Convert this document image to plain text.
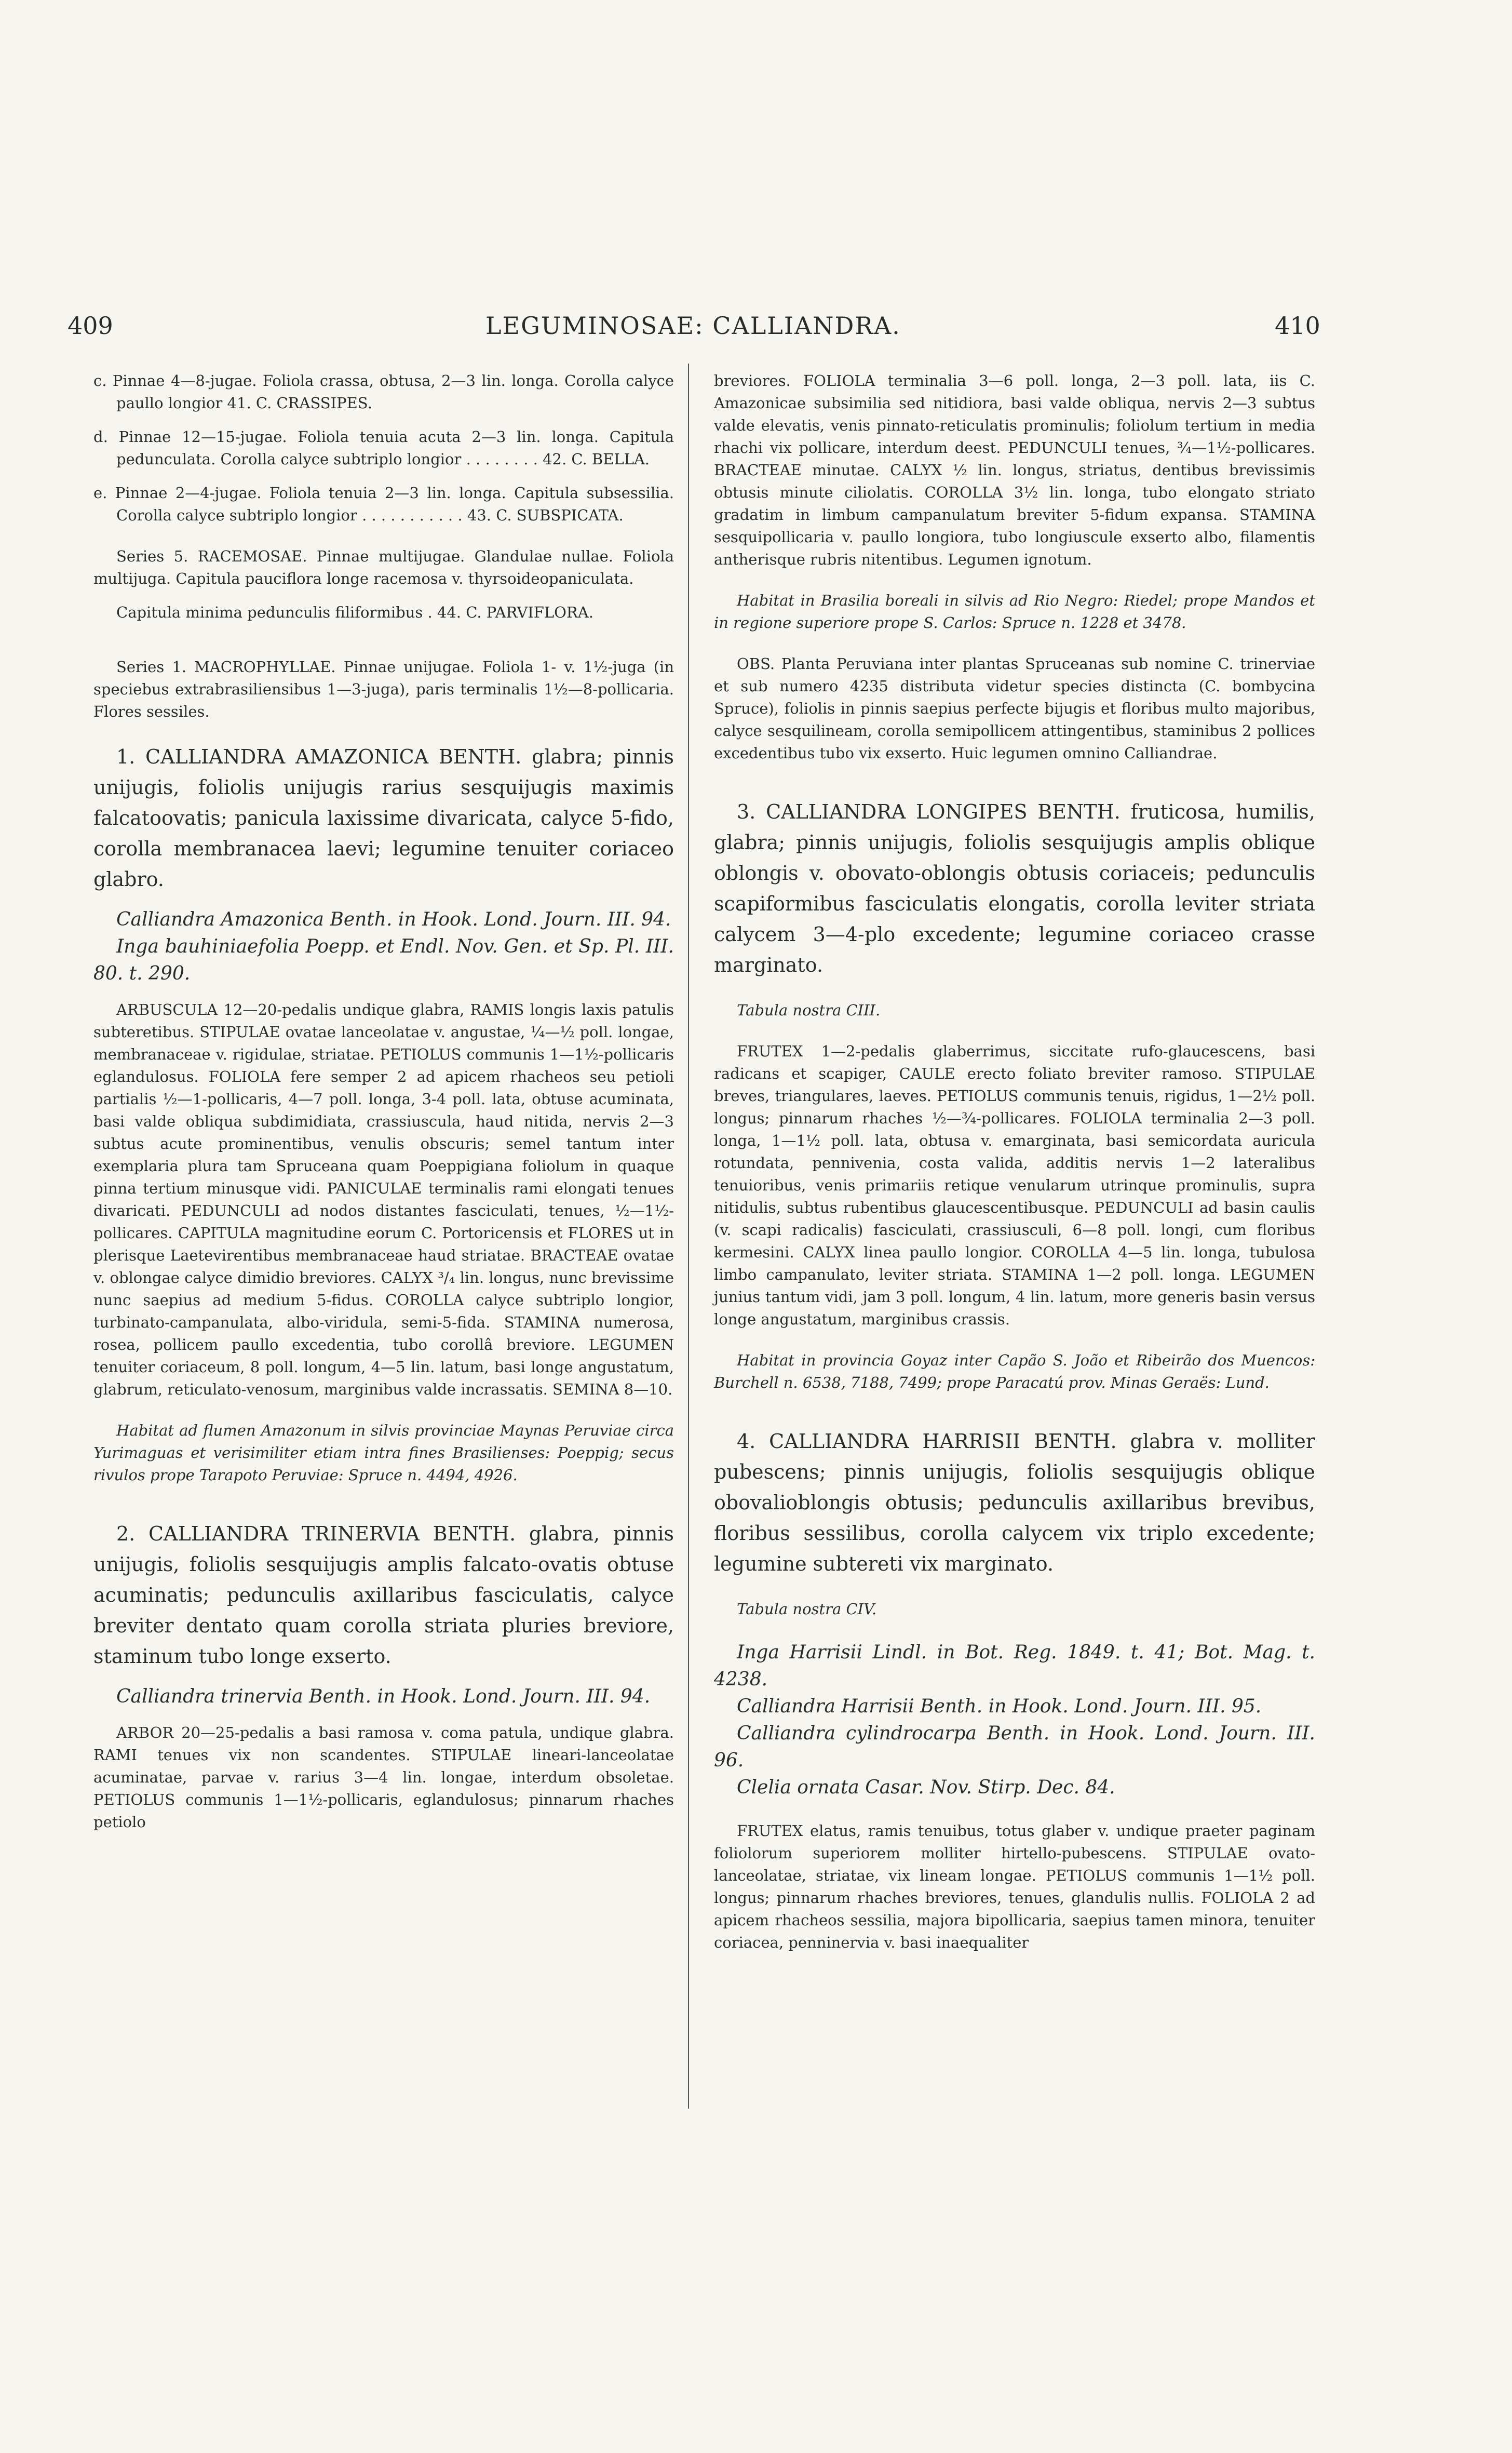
409	LEGUMINOSAE: CALLIANDRA.	410

c. Pinnae 4—8-jugae. Foliola crassa, obtusa, 2—3 lin. longa. Corolla calyce paullo longior 41. C. CRASSIPES.

d. Pinnae 12—15-jugae. Foliola tenuia acuta 2—3 lin. longa. Capitula pedunculata. Corolla calyce subtriplo longior . . . . . . . . 42. C. BELLA.

e. Pinnae 2—4-jugae. Foliola tenuia 2—3 lin. longa. Capitula subsessilia. Corolla calyce subtriplo longior . . . . . . . . . . . 43. C. SUBSPICATA.

Series 5. RACEMOSAE. Pinnae multijugae. Glandulae nullae. Foliola multijuga. Capitula pauciflora longe racemosa v. thyrsoideopaniculata.

Capitula minima pedunculis filiformibus . 44. C. PARVIFLORA.

Series 1. MACROPHYLLAE. Pinnae unijugae. Foliola 1- v. 1½-juga (in speciebus extrabrasiliensibus 1—3-juga), paris terminalis 1½—8-pollicaria. Flores sessiles.

1. CALLIANDRA AMAZONICA BENTH. glabra; pinnis unijugis, foliolis unijugis rarius sesquijugis maximis falcatoovatis; panicula laxissime divaricata, calyce 5-fido, corolla membranacea laevi; legumine tenuiter coriaceo glabro.

Calliandra Amazonica Benth. in Hook. Lond. Journ. III. 94.

Inga bauhiniaefolia Poepp. et Endl. Nov. Gen. et Sp. Pl. III. 80. t. 290.

ARBUSCULA 12—20-pedalis undique glabra, RAMIS longis laxis patulis subteretibus. STIPULAE ovatae lanceolatae v. angustae, ¼—½ poll. longae, membranaceae v. rigidulae, striatae. PETIOLUS communis 1—1½-pollicaris eglandulosus. FOLIOLA fere semper 2 ad apicem rhacheos seu petioli partialis ½—1-pollicaris, 4—7 poll. longa, 3-4 poll. lata, obtuse acuminata, basi valde obliqua subdimidiata, crassiuscula, haud nitida, nervis 2—3 subtus acute prominentibus, venulis obscuris; semel tantum inter exemplaria plura tam Spruceana quam Poeppigiana foliolum in quaque pinna tertium minusque vidi. PANICULAE terminalis rami elongati tenues divaricati. PEDUNCULI ad nodos distantes fasciculati, tenues, ½—1½-pollicares. CAPITULA magnitudine eorum C. Portoricensis et FLORES ut in plerisque Laetevirentibus membranaceae haud striatae. BRACTEAE ovatae v. oblongae calyce dimidio breviores. CALYX ³/₄ lin. longus, nunc brevissime nunc saepius ad medium 5-fidus. COROLLA calyce subtriplo longior, turbinato-campanulata, albo-viridula, semi-5-fida. STAMINA numerosa, rosea, pollicem paullo excedentia, tubo corollâ breviore. LEGUMEN tenuiter coriaceum, 8 poll. longum, 4—5 lin. latum, basi longe angustatum, glabrum, reticulato-venosum, marginibus valde incrassatis. SEMINA 8—10.

Habitat ad flumen Amazonum in silvis provinciae Maynas Peruviae circa Yurimaguas et verisimiliter etiam intra fines Brasilienses: Poeppig; secus rivulos prope Tarapoto Peruviae: Spruce n. 4494, 4926.

2. CALLIANDRA TRINERVIA BENTH. glabra, pinnis unijugis, foliolis sesquijugis amplis falcato-ovatis obtuse acuminatis; pedunculis axillaribus fasciculatis, calyce breviter dentato quam corolla striata pluries breviore, staminum tubo longe exserto.

Calliandra trinervia Benth. in Hook. Lond. Journ. III. 94.

ARBOR 20—25-pedalis a basi ramosa v. coma patula, undique glabra. RAMI tenues vix non scandentes. STIPULAE lineari-lanceolatae acuminatae, parvae v. rarius 3—4 lin. longae, interdum obsoletae. PETIOLUS communis 1—1½-pollicaris, eglandulosus; pinnarum rhaches petiolo

breviores. FOLIOLA terminalia 3—6 poll. longa, 2—3 poll. lata, iis C. Amazonicae subsimilia sed nitidiora, basi valde obliqua, nervis 2—3 subtus valde elevatis, venis pinnato-reticulatis prominulis; foliolum tertium in media rhachi vix pollicare, interdum deest. PEDUNCULI tenues, ¾—1½-pollicares. BRACTEAE minutae. CALYX ½ lin. longus, striatus, dentibus brevissimis obtusis minute ciliolatis. COROLLA 3½ lin. longa, tubo elongato striato gradatim in limbum campanulatum breviter 5-fidum expansa. STAMINA sesquipollicaria v. paullo longiora, tubo longiuscule exserto albo, filamentis antherisque rubris nitentibus. Legumen ignotum.

Habitat in Brasilia boreali in silvis ad Rio Negro: Riedel; prope Mandos et in regione superiore prope S. Carlos: Spruce n. 1228 et 3478.

OBS. Planta Peruviana inter plantas Spruceanas sub nomine C. trinerviae et sub numero 4235 distributa videtur species distincta (C. bombycina Spruce), foliolis in pinnis saepius perfecte bijugis et floribus multo majoribus, calyce sesquilineam, corolla semipollicem attingentibus, staminibus 2 pollices excedentibus tubo vix exserto. Huic legumen omnino Calliandrae.

3. CALLIANDRA LONGIPES BENTH. fruticosa, humilis, glabra; pinnis unijugis, foliolis sesquijugis amplis oblique oblongis v. obovato-oblongis obtusis coriaceis; pedunculis scapiformibus fasciculatis elongatis, corolla leviter striata calycem 3—4-plo excedente; legumine coriaceo crasse marginato.

Tabula nostra CIII.

FRUTEX 1—2-pedalis glaberrimus, siccitate rufo-glaucescens, basi radicans et scapiger, CAULE erecto foliato breviter ramoso. STIPULAE breves, triangulares, laeves. PETIOLUS communis tenuis, rigidus, 1—2½ poll. longus; pinnarum rhaches ½—¾-pollicares. FOLIOLA terminalia 2—3 poll. longa, 1—1½ poll. lata, obtusa v. emarginata, basi semicordata auricula rotundata, pennivenia, costa valida, additis nervis 1—2 lateralibus tenuioribus, venis primariis retique venularum utrinque prominulis, supra nitidulis, subtus rubentibus glaucescentibusque. PEDUNCULI ad basin caulis (v. scapi radicalis) fasciculati, crassiusculi, 6—8 poll. longi, cum floribus kermesini. CALYX linea paullo longior. COROLLA 4—5 lin. longa, tubulosa limbo campanulato, leviter striata. STAMINA 1—2 poll. longa. LEGUMEN junius tantum vidi, jam 3 poll. longum, 4 lin. latum, more generis basin versus longe angustatum, marginibus crassis.

Habitat in provincia Goyaz inter Capão S. João et Ribeirão dos Muencos: Burchell n. 6538, 7188, 7499; prope Paracatú prov. Minas Geraës: Lund.

4. CALLIANDRA HARRISII BENTH. glabra v. molliter pubescens; pinnis unijugis, foliolis sesquijugis oblique obovalioblongis obtusis; pedunculis axillaribus brevibus, floribus sessilibus, corolla calycem vix triplo excedente; legumine subtereti vix marginato.

Tabula nostra CIV.

Inga Harrisii Lindl. in Bot. Reg. 1849. t. 41; Bot. Mag. t. 4238.

Calliandra Harrisii Benth. in Hook. Lond. Journ. III. 95.

Calliandra cylindrocarpa Benth. in Hook. Lond. Journ. III. 96.

Clelia ornata Casar. Nov. Stirp. Dec. 84.

FRUTEX elatus, ramis tenuibus, totus glaber v. undique praeter paginam foliolorum superiorem molliter hirtello-pubescens. STIPULAE ovato-lanceolatae, striatae, vix lineam longae. PETIOLUS communis 1—1½ poll. longus; pinnarum rhaches breviores, tenues, glandulis nullis. FOLIOLA 2 ad apicem rhacheos sessilia, majora bipollicaria, saepius tamen minora, tenuiter coriacea, penninervia v. basi inaequaliter
